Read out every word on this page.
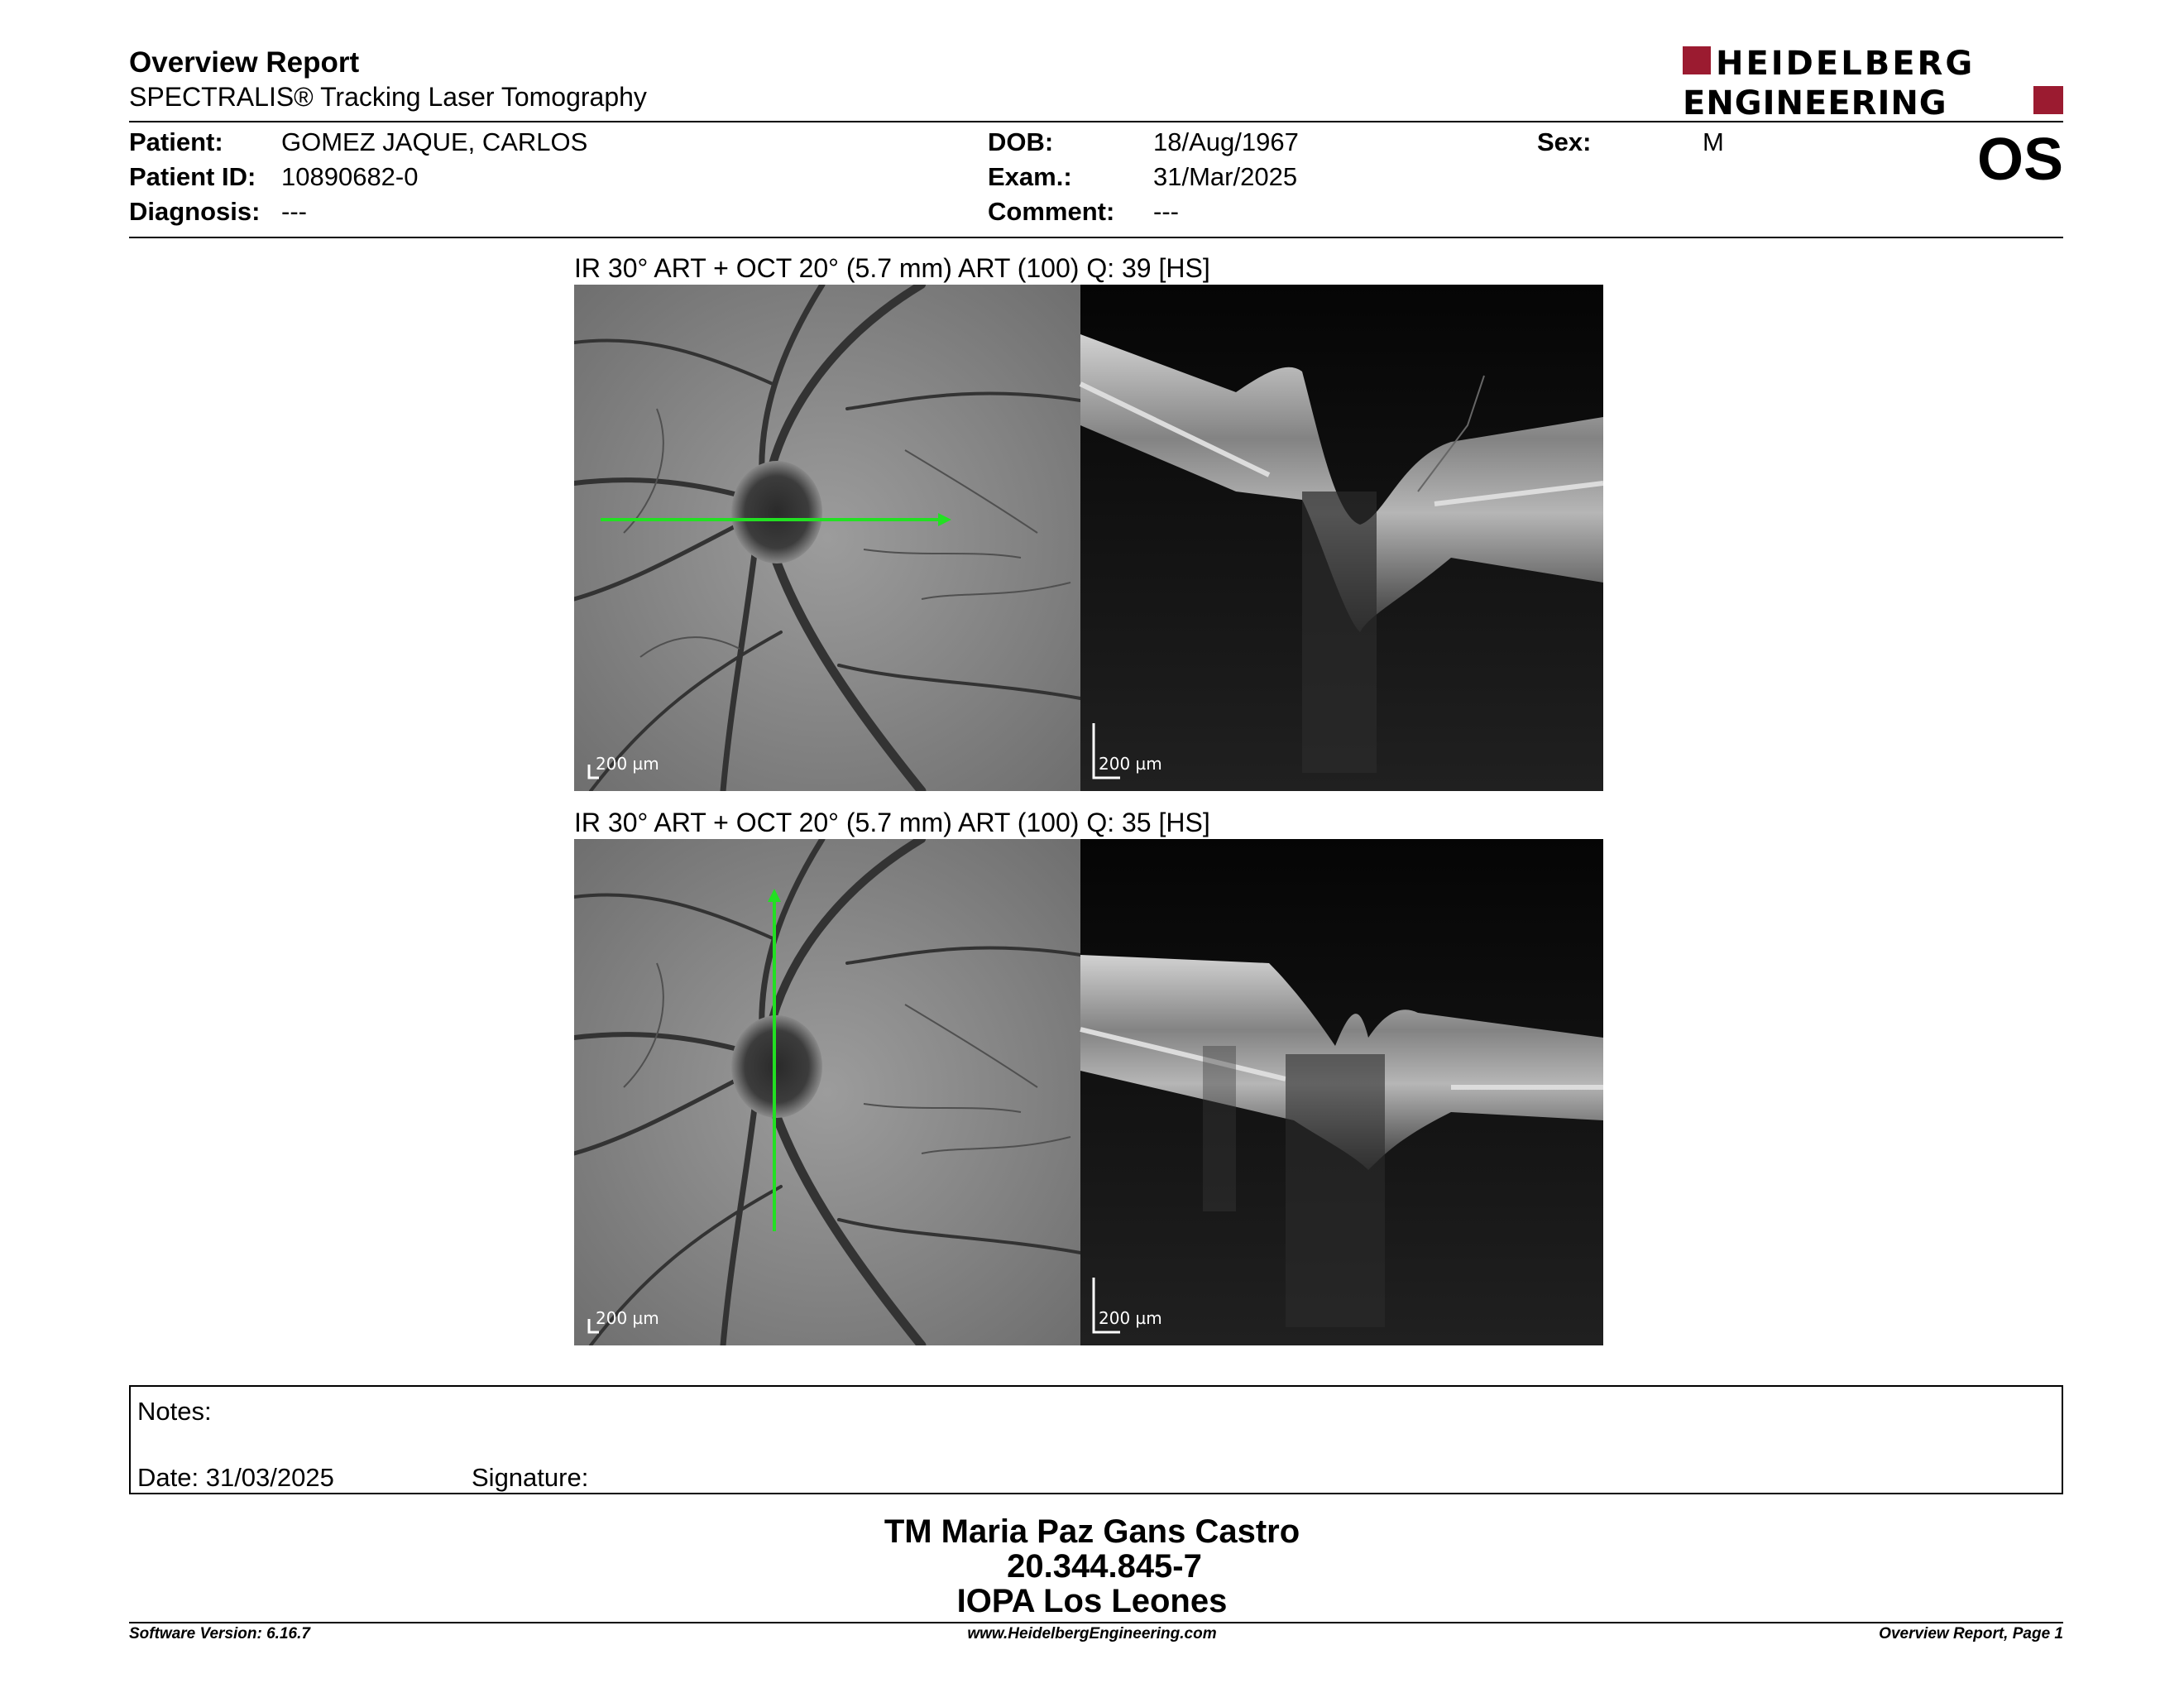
Overview Report
SPECTRALIS® Tracking Laser Tomography
HEIDELBERG
ENGINEERING
Patient: GOMEZ JAQUE, CARLOS
Patient ID: 10890682-0
Diagnosis: ---
DOB:	18/Aug/1967
Exam.:	31/Mar/2025
Comment: ---
Sex:	M	OS
IR 30° ART + OCT 20° (5.7 mm) ART (100) Q: 39 [HS]
200 µm	200 µm
IR 30° ART + OCT 20° (5.7 mm) ART (100) Q: 35 [HS]
200 µm	200 µm
Notes:
Date: 31/03/2025	Signature:
TM Maria Paz Gans Castro
20.344.845-7
IOPA Los Leones
Software Version: 6.16.7	www.HeidelbergEngineering.com	Overview Report, Page 1
